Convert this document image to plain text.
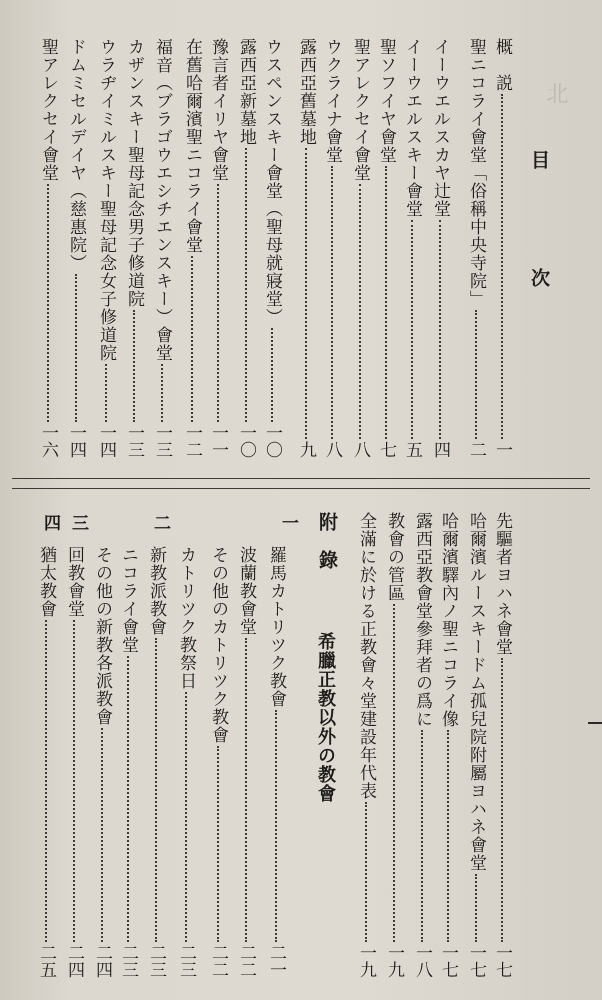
目　次
北
概　説
一
聖ニコライ會堂「俗稱中央寺院」
二
イーウエルスカヤ辻堂
四
イーウエルスキー會堂
五
聖ソフイヤ會堂
七
聖アレクセイ會堂
八
ウクライナ會堂
八
露西亞舊墓地
九
ウスペンスキー會堂（聖母就寢堂）
一〇
露西亞新墓地
一〇
豫言者イリヤ會堂
一一
在舊哈爾濱聖ニコライ會堂
一二
福音（ブラゴウエシチエンスキー）會堂
一三
カザンスキー聖母記念男子修道院
一三
ウラヂイミルスキー聖母記念女子修道院
一四
ドムミセルデイヤ（慈惠院）
一四
聖アレクセイ會堂
一六
先驅者ヨハネ會堂
一七
哈爾濱ルースキードム孤兒院附屬ヨハネ會堂
一七
哈爾濱驛內ノ聖ニコライ像
一七
露西亞教會堂參拜者の爲に
一八
教會の管區
一九
全滿に於ける正教會々堂建設年代表
一九
附　錄
希臘正教以外の教會
一
二
三
四
羅馬カトリツク教會
二一
波蘭教會堂
二二
その他のカトリツク教會
二二
カトリツク教祭日
二三
新教派教會
二三
ニコライ會堂
二三
その他の新教各派教會
二四
回教會堂
二四
猶太教會
二五
